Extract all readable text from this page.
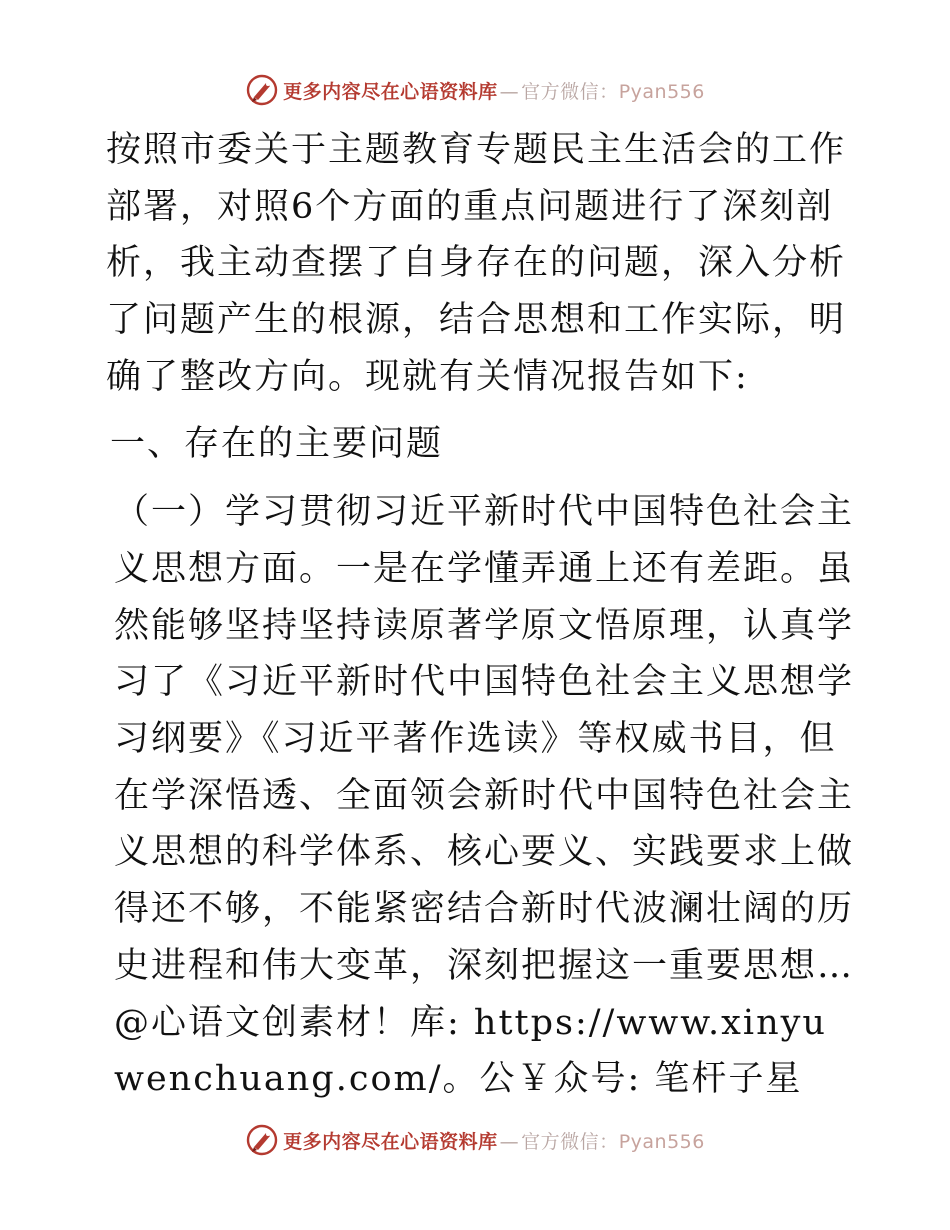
更多内容尽在心语资料库 — 官方微信：Pyan556

按照市委关于主题教育专题民主生活会的工作部署，对照6个方面的重点问题进行了深刻剖析，我主动查摆了自身存在的问题，深入分析了问题产生的根源，结合思想和工作实际，明确了整改方向。现就有关情况报告如下:

一、存在的主要问题

（一）学习贯彻习近平新时代中国特色社会主义思想方面。一是在学懂弄通上还有差距。虽然能够坚持坚持读原著学原文悟原理，认真学习了《习近平新时代中国特色社会主义思想学习纲要》《习近平著作选读》等权威书目，但在学深悟透、全面领会新时代中国特色社会主义思想的科学体系、核心要义、实践要求上做得还不够，不能紧密结合新时代波澜壮阔的历史进程和伟大变革，深刻把握这一重要思想…@心语文创素材！库: https://www.xinyuwenchuang.com/。公￥众号: 笔杆子星

更多内容尽在心语资料库 — 官方微信：Pyan556
